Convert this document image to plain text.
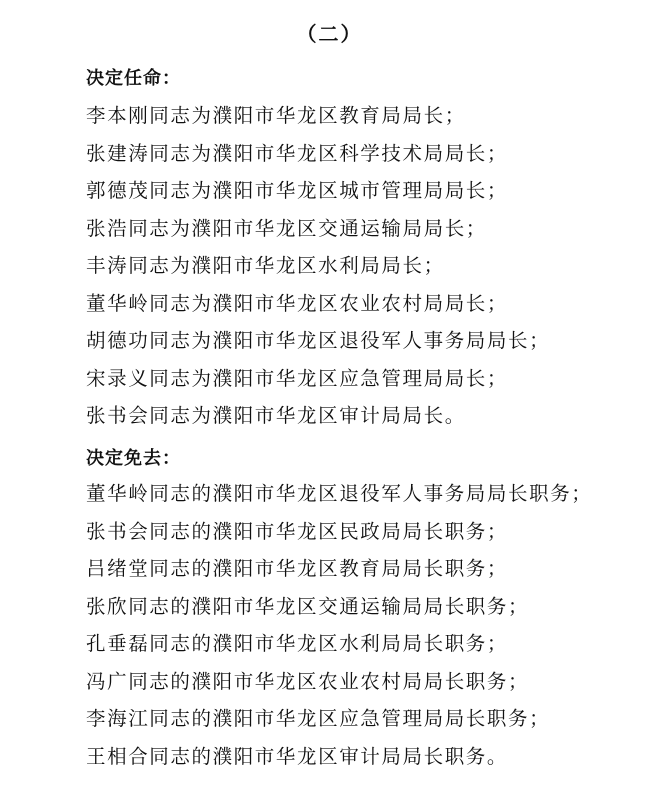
（二）
决定任命：
李本刚同志为濮阳市华龙区教育局局长；
张建涛同志为濮阳市华龙区科学技术局局长；
郭德茂同志为濮阳市华龙区城市管理局局长；
张浩同志为濮阳市华龙区交通运输局局长；
丰涛同志为濮阳市华龙区水利局局长；
董华岭同志为濮阳市华龙区农业农村局局长；
胡德功同志为濮阳市华龙区退役军人事务局局长；
宋录义同志为濮阳市华龙区应急管理局局长；
张书会同志为濮阳市华龙区审计局局长。
决定免去：
董华岭同志的濮阳市华龙区退役军人事务局局长职务；
张书会同志的濮阳市华龙区民政局局长职务；
吕绪堂同志的濮阳市华龙区教育局局长职务；
张欣同志的濮阳市华龙区交通运输局局长职务；
孔垂磊同志的濮阳市华龙区水利局局长职务；
冯广同志的濮阳市华龙区农业农村局局长职务；
李海江同志的濮阳市华龙区应急管理局局长职务；
王相合同志的濮阳市华龙区审计局局长职务。
